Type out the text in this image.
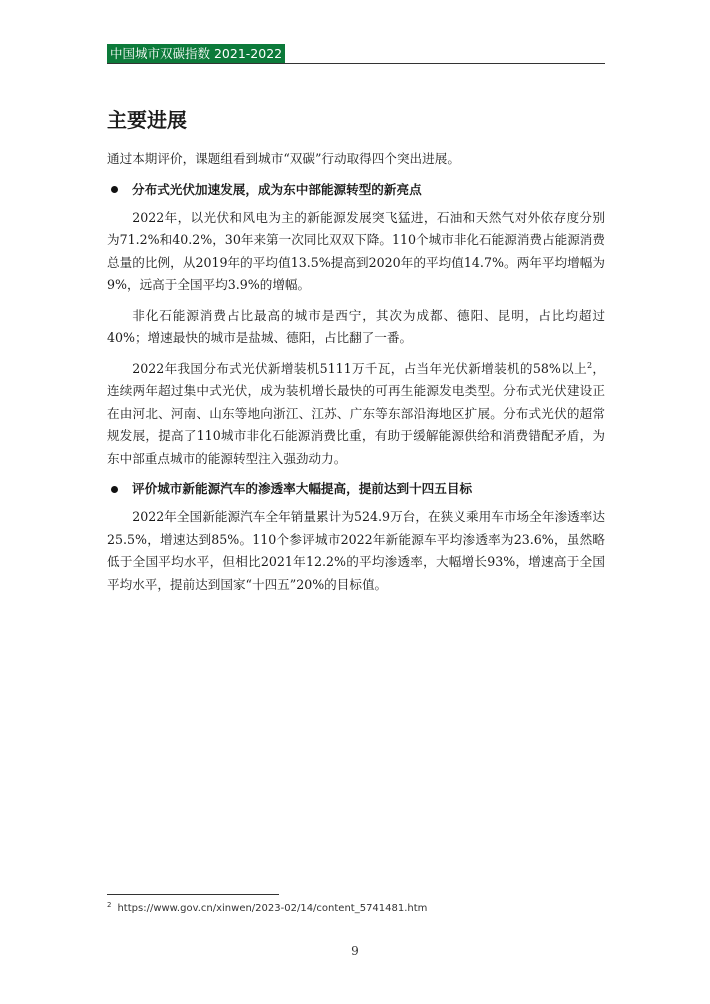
中国城市双碳指数 2021-2022
主要进展

通过本期评价，课题组看到城市“双碳”行动取得四个突出进展。

分布式光伏加速发展，成为东中部能源转型的新亮点

2022年，以光伏和风电为主的新能源发展突飞猛进，石油和天然气对外依存度分别为71.2%和40.2%，30年来第一次同比双双下降。110个城市非化石能源消费占能源消费总量的比例，从2019年的平均值13.5%提高到2020年的平均值14.7%。两年平均增幅为9%，远高于全国平均3.9%的增幅。

非化石能源消费占比最高的城市是西宁，其次为成都、德阳、昆明，占比均超过40%；增速最快的城市是盐城、德阳，占比翻了一番。

2022年我国分布式光伏新增装机5111万千瓦，占当年光伏新增装机的58%以上$^2$，连续两年超过集中式光伏，成为装机增长最快的可再生能源发电类型。分布式光伏建设正在由河北、河南、山东等地向浙江、江苏、广东等东部沿海地区扩展。分布式光伏的超常规发展，提高了110城市非化石能源消费比重，有助于缓解能源供给和消费错配矛盾，为东中部重点城市的能源转型注入强劲动力。

评价城市新能源汽车的渗透率大幅提高，提前达到十四五目标

2022年全国新能源汽车全年销量累计为524.9万台，在狭义乘用车市场全年渗透率达25.5%，增速达到85%。110个参评城市2022年新能源车平均渗透率为23.6%，虽然略低于全国平均水平，但相比2021年12.2%的平均渗透率，大幅增长93%，增速高于全国平均水平，提前达到国家“十四五”20%的目标值。

$^2$ https://www.gov.cn/xinwen/2023-02/14/content_5741481.htm
9
